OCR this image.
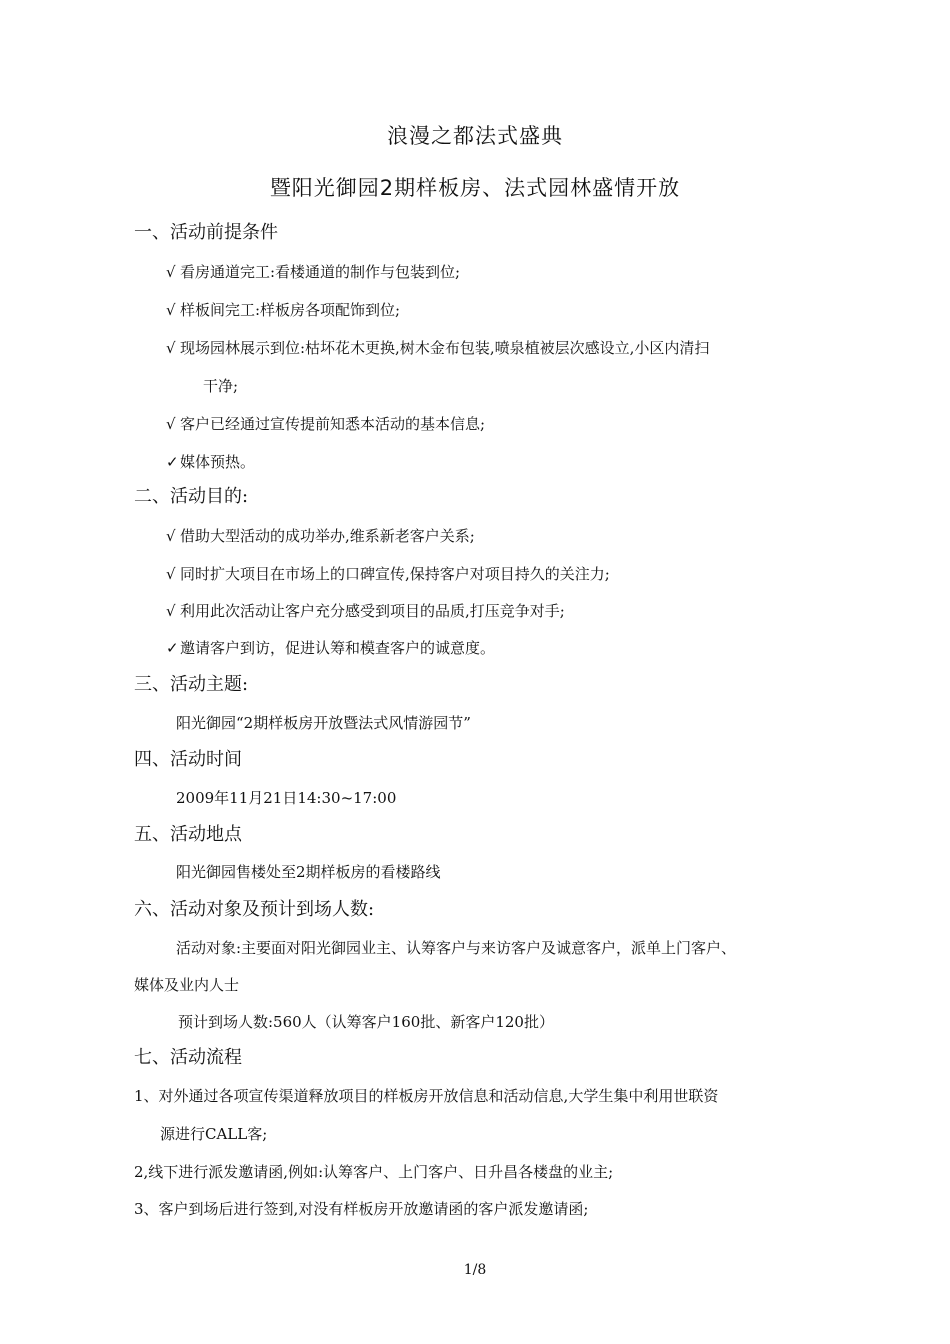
浪漫之都法式盛典
暨阳光御园2期样板房、法式园林盛情开放
一、活动前提条件
√ 看房通道完工:看楼通道的制作与包装到位;
√ 样板间完工:样板房各项配饰到位;
√ 现场园林展示到位:枯坏花木更换,树木金布包装,喷泉植被层次感设立,小区内清扫
干净;
√ 客户已经通过宣传提前知悉本活动的基本信息;
✓媒体预热。
二、活动目的:
√ 借助大型活动的成功举办,维系新老客户关系;
√ 同时扩大项目在市场上的口碑宣传,保持客户对项目持久的关注力;
√ 利用此次活动让客户充分感受到项目的品质,打压竞争对手;
✓邀请客户到访，促进认筹和模查客户的诚意度。
三、活动主题:
阳光御园“2期样板房开放暨法式风情游园节”
四、活动时间
2009年11月21日14:30~17:00
五、活动地点
阳光御园售楼处至2期样板房的看楼路线
六、活动对象及预计到场人数:
活动对象:主要面对阳光御园业主、认筹客户与来访客户及诚意客户，派单上门客户、
媒体及业内人士
预计到场人数:560人（认筹客户160批、新客户120批）
七、活动流程
1、对外通过各项宣传渠道释放项目的样板房开放信息和活动信息,大学生集中利用世联资
源进行CALL客;
2,线下进行派发邀请函,例如:认筹客户、上门客户、日升昌各楼盘的业主;
3、客户到场后进行签到,对没有样板房开放邀请函的客户派发邀请函;
1/8
